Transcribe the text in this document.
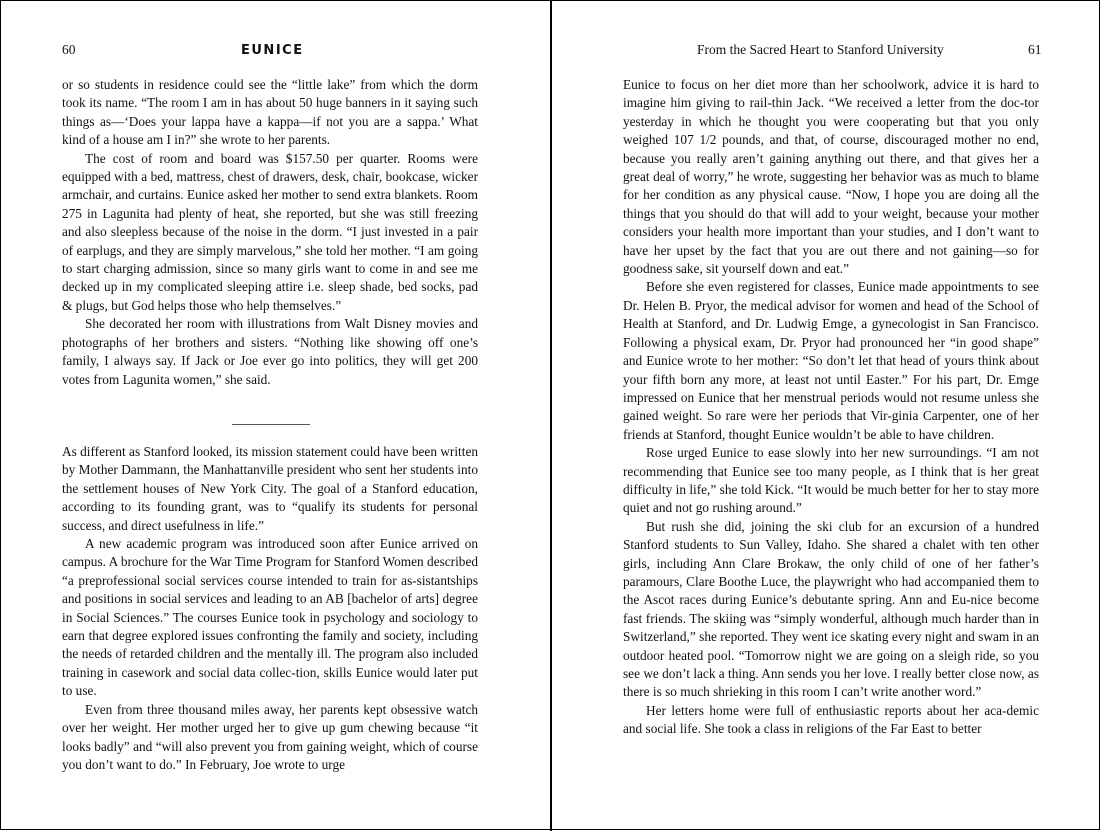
60	EUNICE

or so students in residence could see the “little lake” from which the dorm took its name. “The room I am in has about 50 huge banners in it saying such things as—‘Does your lappa have a kappa—if not you are a sappa.’ What kind of a house am I in?” she wrote to her parents.

The cost of room and board was $157.50 per quarter. Rooms were equipped with a bed, mattress, chest of drawers, desk, chair, bookcase, wicker armchair, and curtains. Eunice asked her mother to send extra blankets. Room 275 in Lagunita had plenty of heat, she reported, but she was still freezing and also sleepless because of the noise in the dorm. “I just invested in a pair of earplugs, and they are simply marvelous,” she told her mother. “I am going to start charging admission, since so many girls want to come in and see me decked up in my complicated sleeping attire i.e. sleep shade, bed socks, pad & plugs, but God helps those who help themselves.”

She decorated her room with illustrations from Walt Disney movies and photographs of her brothers and sisters. “Nothing like showing off one’s family, I always say. If Jack or Joe ever go into politics, they will get 200 votes from Lagunita women,” she said.

As different as Stanford looked, its mission statement could have been written by Mother Dammann, the Manhattanville president who sent her students into the settlement houses of New York City. The goal of a Stanford education, according to its founding grant, was to “qualify its students for personal success, and direct usefulness in life.”

A new academic program was introduced soon after Eunice arrived on campus. A brochure for the War Time Program for Stanford Women described “a preprofessional social services course intended to train for as-sistantships and positions in social services and leading to an AB [bachelor of arts] degree in Social Sciences.” The courses Eunice took in psychology and sociology to earn that degree explored issues confronting the family and society, including the needs of retarded children and the mentally ill. The program also included training in casework and social data collec-tion, skills Eunice would later put to use.

Even from three thousand miles away, her parents kept obsessive watch over her weight. Her mother urged her to give up gum chewing because “it looks badly” and “will also prevent you from gaining weight, which of course you don’t want to do.” In February, Joe wrote to urge

From the Sacred Heart to Stanford University	61

Eunice to focus on her diet more than her schoolwork, advice it is hard to imagine him giving to rail-thin Jack. “We received a letter from the doc-tor yesterday in which he thought you were cooperating but that you only weighed 107 1/2 pounds, and that, of course, discouraged mother no end, because you really aren’t gaining anything out there, and that gives her a great deal of worry,” he wrote, suggesting her behavior was as much to blame for her condition as any physical cause. “Now, I hope you are doing all the things that you should do that will add to your weight, because your mother considers your health more important than your studies, and I don’t want to have her upset by the fact that you are out there and not gaining—so for goodness sake, sit yourself down and eat.”

Before she even registered for classes, Eunice made appointments to see Dr. Helen B. Pryor, the medical advisor for women and head of the School of Health at Stanford, and Dr. Ludwig Emge, a gynecologist in San Francisco. Following a physical exam, Dr. Pryor had pronounced her “in good shape” and Eunice wrote to her mother: “So don’t let that head of yours think about your fifth born any more, at least not until Easter.” For his part, Dr. Emge impressed on Eunice that her menstrual periods would not resume unless she gained weight. So rare were her periods that Vir-ginia Carpenter, one of her friends at Stanford, thought Eunice wouldn’t be able to have children.

Rose urged Eunice to ease slowly into her new surroundings. “I am not recommending that Eunice see too many people, as I think that is her great difficulty in life,” she told Kick. “It would be much better for her to stay more quiet and not go rushing around.”

But rush she did, joining the ski club for an excursion of a hundred Stanford students to Sun Valley, Idaho. She shared a chalet with ten other girls, including Ann Clare Brokaw, the only child of one of her father’s paramours, Clare Boothe Luce, the playwright who had accompanied them to the Ascot races during Eunice’s debutante spring. Ann and Eu-nice become fast friends. The skiing was “simply wonderful, although much harder than in Switzerland,” she reported. They went ice skating every night and swam in an outdoor heated pool. “Tomorrow night we are going on a sleigh ride, so you see we don’t lack a thing. Ann sends you her love. I really better close now, as there is so much shrieking in this room I can’t write another word.”

Her letters home were full of enthusiastic reports about her aca-demic and social life. She took a class in religions of the Far East to better
